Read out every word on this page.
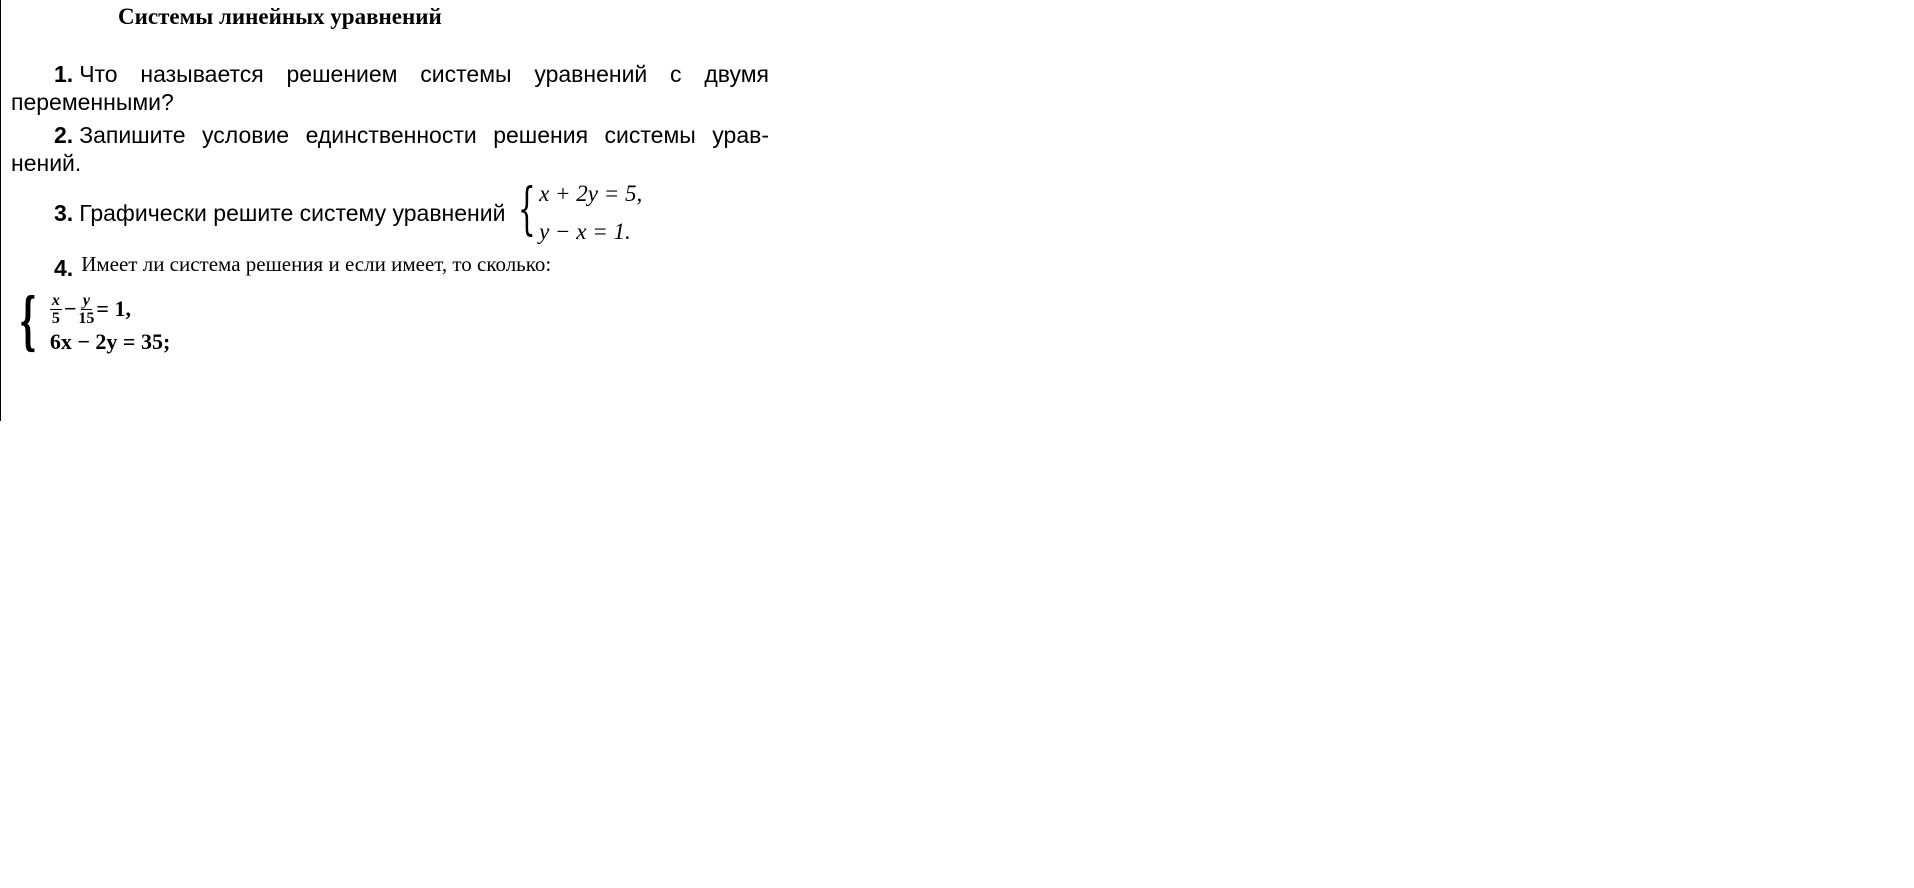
Системы линейных уравнений
1. Что называется решением системы уравнений с двумя
переменными?
2. Запишите условие единственности решения системы урав-
нений.
3. Графически решите систему уравнений { x + 2y = 5,
y − x = 1.
4. Имеет ли система решения и если имеет, то сколько:
{ $\frac{x}{5} - \frac{y}{15} = 1$,
6x − 2y = 35;
